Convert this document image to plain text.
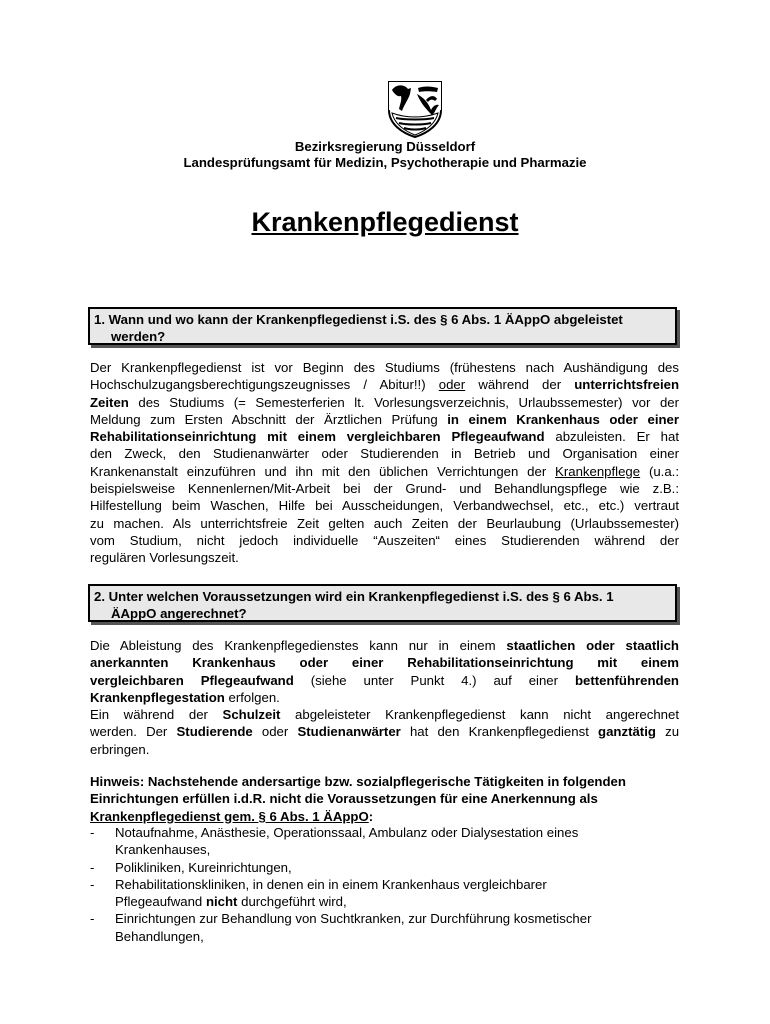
Bezirksregierung Düsseldorf
Landesprüfungsamt für Medizin, Psychotherapie und Pharmazie
Krankenpflegedienst
1. Wann und wo kann der Krankenpflegedienst i.S. des § 6 Abs. 1 ÄAppO abgeleistet
werden?
Der Krankenpflegedienst ist vor Beginn des Studiums (frühestens nach Aushändigung des
Hochschulzugangsberechtigungszeugnisses / Abitur!!) oder während der unterrichtsfreien
Zeiten des Studiums (= Semesterferien lt. Vorlesungsverzeichnis, Urlaubssemester) vor der
Meldung zum Ersten Abschnitt der Ärztlichen Prüfung in einem Krankenhaus oder einer
Rehabilitationseinrichtung mit einem vergleichbaren Pflegeaufwand abzuleisten. Er hat
den Zweck, den Studienanwärter oder Studierenden in Betrieb und Organisation einer
Krankenanstalt einzuführen und ihn mit den üblichen Verrichtungen der Krankenpflege (u.a.:
beispielsweise Kennenlernen/Mit-Arbeit bei der Grund- und Behandlungspflege wie z.B.:
Hilfestellung beim Waschen, Hilfe bei Ausscheidungen, Verbandwechsel, etc., etc.) vertraut
zu machen. Als unterrichtsfreie Zeit gelten auch Zeiten der Beurlaubung (Urlaubssemester)
vom Studium, nicht jedoch individuelle “Auszeiten“ eines Studierenden während der
regulären Vorlesungszeit.
2. Unter welchen Voraussetzungen wird ein Krankenpflegedienst i.S. des § 6 Abs. 1
ÄAppO angerechnet?
Die Ableistung des Krankenpflegedienstes kann nur in einem staatlichen oder staatlich
anerkannten Krankenhaus oder einer Rehabilitationseinrichtung mit einem
vergleichbaren Pflegeaufwand (siehe unter Punkt 4.) auf einer bettenführenden
Krankenpflegestation erfolgen.
Ein während der Schulzeit abgeleisteter Krankenpflegedienst kann nicht angerechnet
werden. Der Studierende oder Studienanwärter hat den Krankenpflegedienst ganztätig zu
erbringen.
Hinweis: Nachstehende andersartige bzw. sozialpflegerische Tätigkeiten in folgenden
Einrichtungen erfüllen i.d.R. nicht die Voraussetzungen für eine Anerkennung als
Krankenpflegedienst gem. § 6 Abs. 1 ÄAppO:
- Notaufnahme, Anästhesie, Operationssaal, Ambulanz oder Dialysestation eines
Krankenhauses,
- Polikliniken, Kureinrichtungen,
- Rehabilitationskliniken, in denen ein in einem Krankenhaus vergleichbarer
Pflegeaufwand nicht durchgeführt wird,
- Einrichtungen zur Behandlung von Suchtkranken, zur Durchführung kosmetischer
Behandlungen,
